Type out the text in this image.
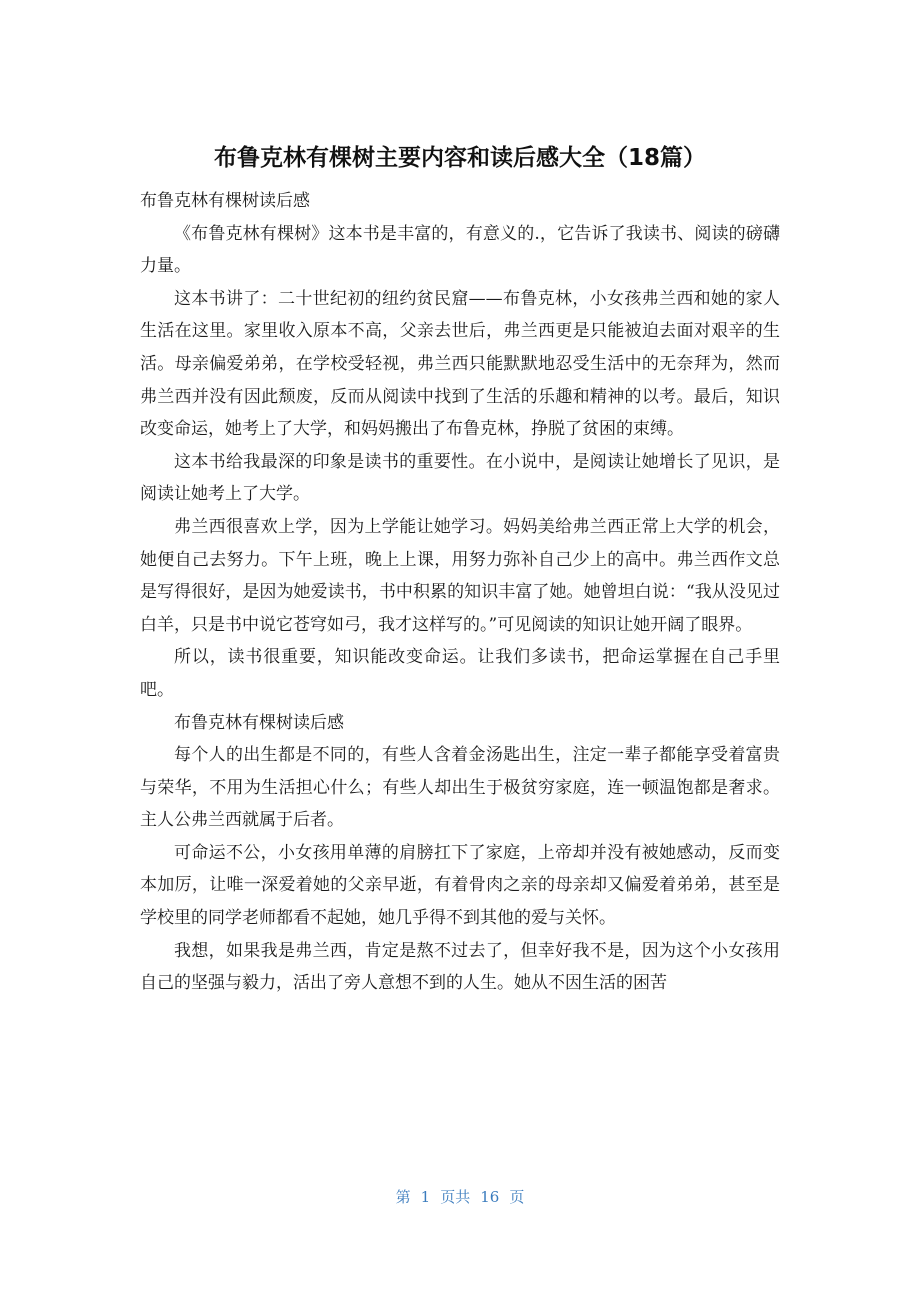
布鲁克林有棵树主要内容和读后感大全（18篇）

布鲁克林有棵树读后感

《布鲁克林有棵树》这本书是丰富的，有意义的.，它告诉了我读书、阅读的磅礴力量。

这本书讲了：二十世纪初的纽约贫民窟——布鲁克林，小女孩弗兰西和她的家人生活在这里。家里收入原本不高，父亲去世后，弗兰西更是只能被迫去面对艰辛的生活。母亲偏爱弟弟，在学校受轻视，弗兰西只能默默地忍受生活中的无奈拜为，然而弗兰西并没有因此颓废，反而从阅读中找到了生活的乐趣和精神的以考。最后，知识改变命运，她考上了大学，和妈妈搬出了布鲁克林，挣脱了贫困的束缚。

这本书给我最深的印象是读书的重要性。在小说中，是阅读让她增长了见识，是阅读让她考上了大学。

弗兰西很喜欢上学，因为上学能让她学习。妈妈美给弗兰西正常上大学的机会，她便自己去努力。下午上班，晚上上课，用努力弥补自己少上的高中。弗兰西作文总是写得很好，是因为她爱读书，书中积累的知识丰富了她。她曾坦白说：“我从没见过白羊，只是书中说它苍穹如弓，我才这样写的。”可见阅读的知识让她开阔了眼界。

所以，读书很重要，知识能改变命运。让我们多读书，把命运掌握在自己手里吧。

布鲁克林有棵树读后感

每个人的出生都是不同的，有些人含着金汤匙出生，注定一辈子都能享受着富贵与荣华，不用为生活担心什么；有些人却出生于极贫穷家庭，连一顿温饱都是奢求。主人公弗兰西就属于后者。

可命运不公，小女孩用单薄的肩膀扛下了家庭，上帝却并没有被她感动，反而变本加厉，让唯一深爱着她的父亲早逝，有着骨肉之亲的母亲却又偏爱着弟弟，甚至是学校里的同学老师都看不起她，她几乎得不到其他的爱与关怀。

我想，如果我是弗兰西，肯定是熬不过去了，但幸好我不是，因为这个小女孩用自己的坚强与毅力，活出了旁人意想不到的人生。她从不因生活的困苦

第 1 页共 16 页
